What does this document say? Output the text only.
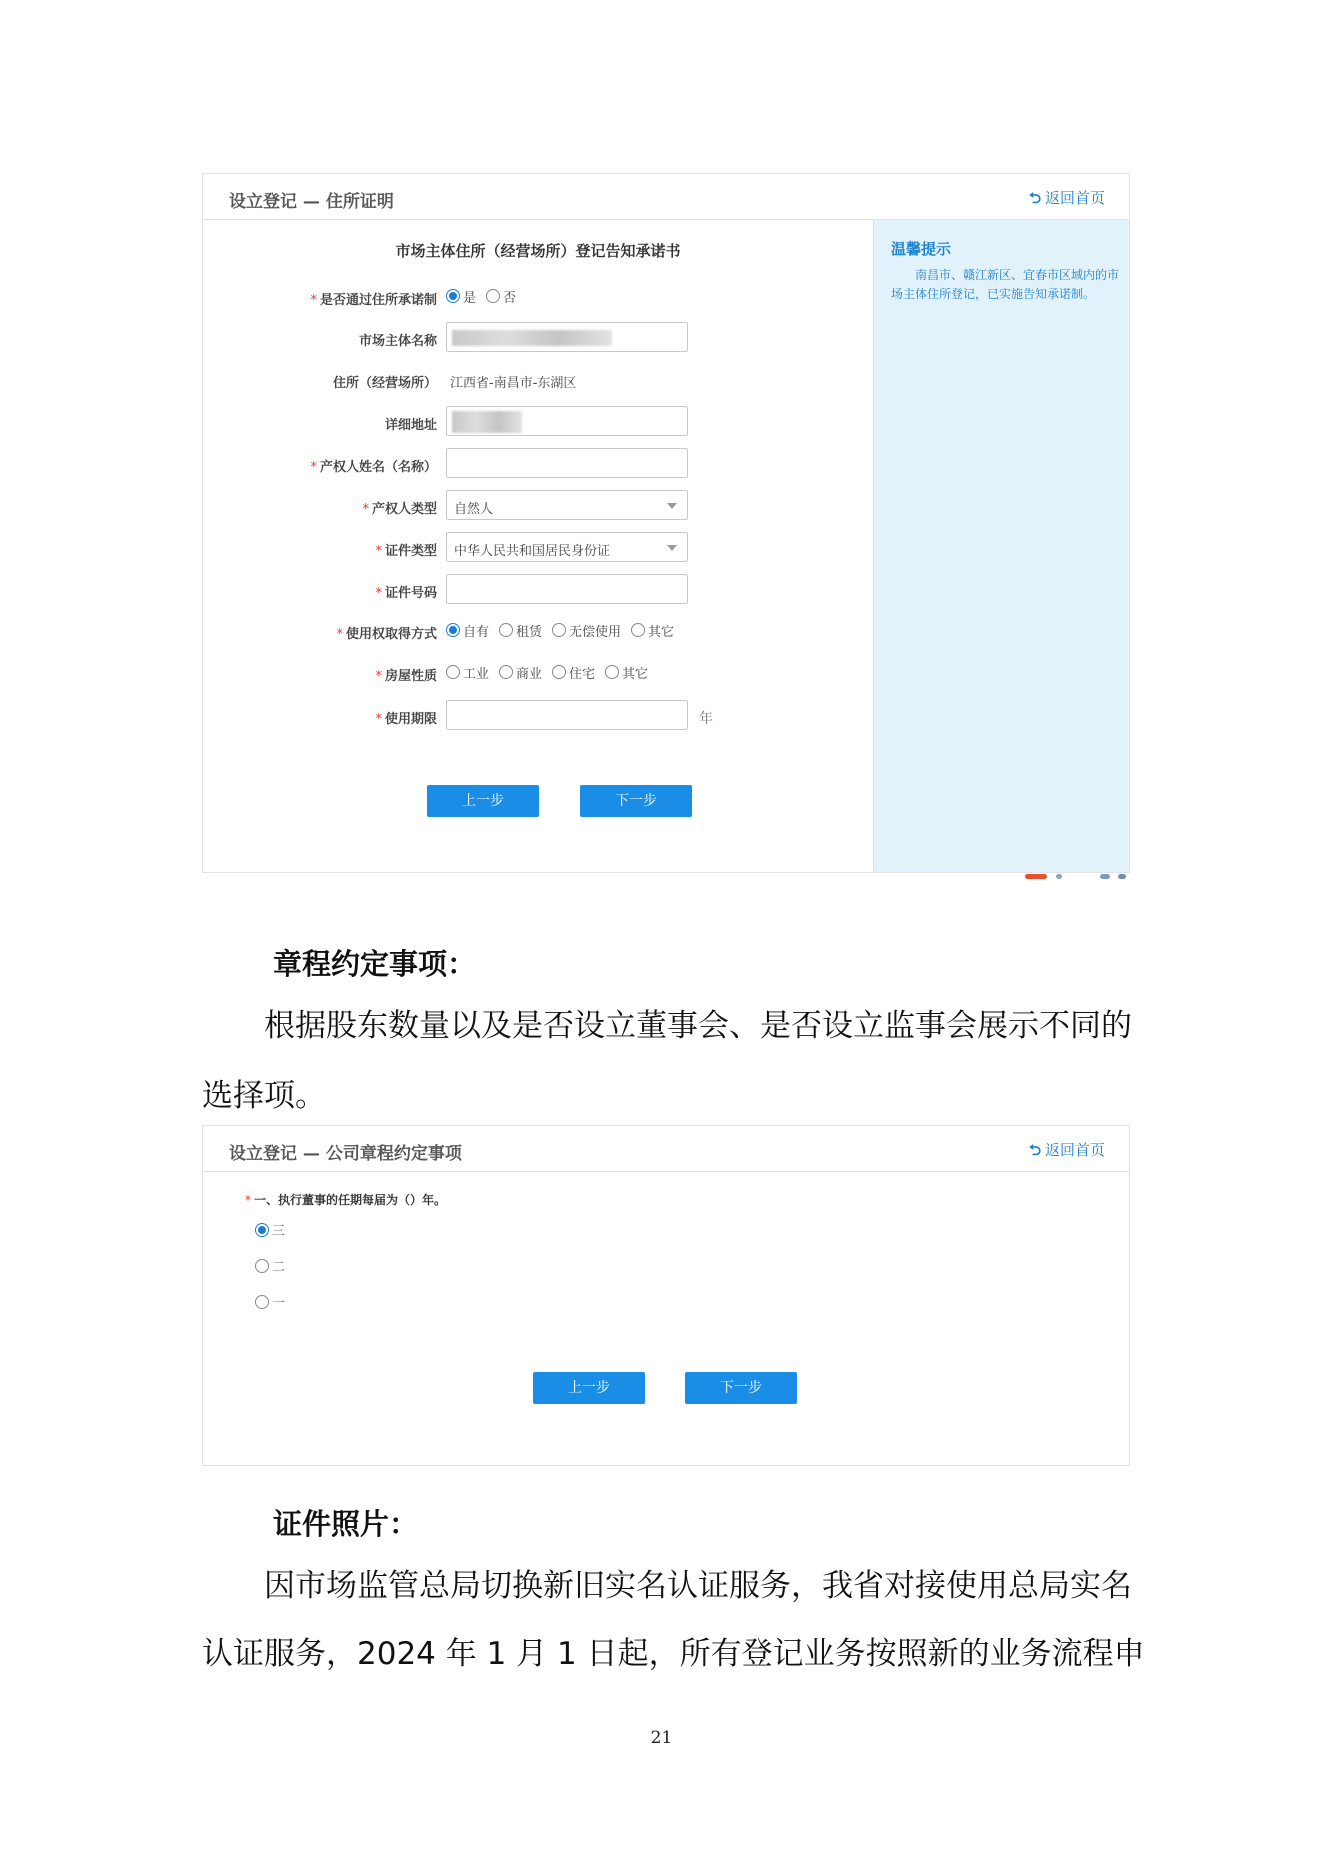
设立登记 — 住所证明	⮌ 返回首页
市场主体住所（经营场所）登记告知承诺书
* 是否通过住所承诺制 是 否
市场主体名称
住所（经营场所） 江西省-南昌市-东湖区
详细地址
* 产权人姓名（名称）
* 产权人类型	自然人
* 证件类型	中华人民共和国居民身份证
* 证件号码
* 使用权取得方式 自有 租赁 无偿使用 其它
* 房屋性质 工业 商业 住宅 其它
* 使用期限	年
上一步	下一步
温馨提示
南昌市、赣江新区、宜春市区域内的市场主体住所登记，已实施告知承诺制。
章程约定事项：
根据股东数量以及是否设立董事会、是否设立监事会展示不同的
选择项。
设立登记 — 公司章程约定事项	⮌ 返回首页
* 一、执行董事的任期每届为（）年。
三
二
一
上一步	下一步
证件照片：
因市场监管总局切换新旧实名认证服务，我省对接使用总局实名
认证服务，2024 年 1 月 1 日起，所有登记业务按照新的业务流程申
21
